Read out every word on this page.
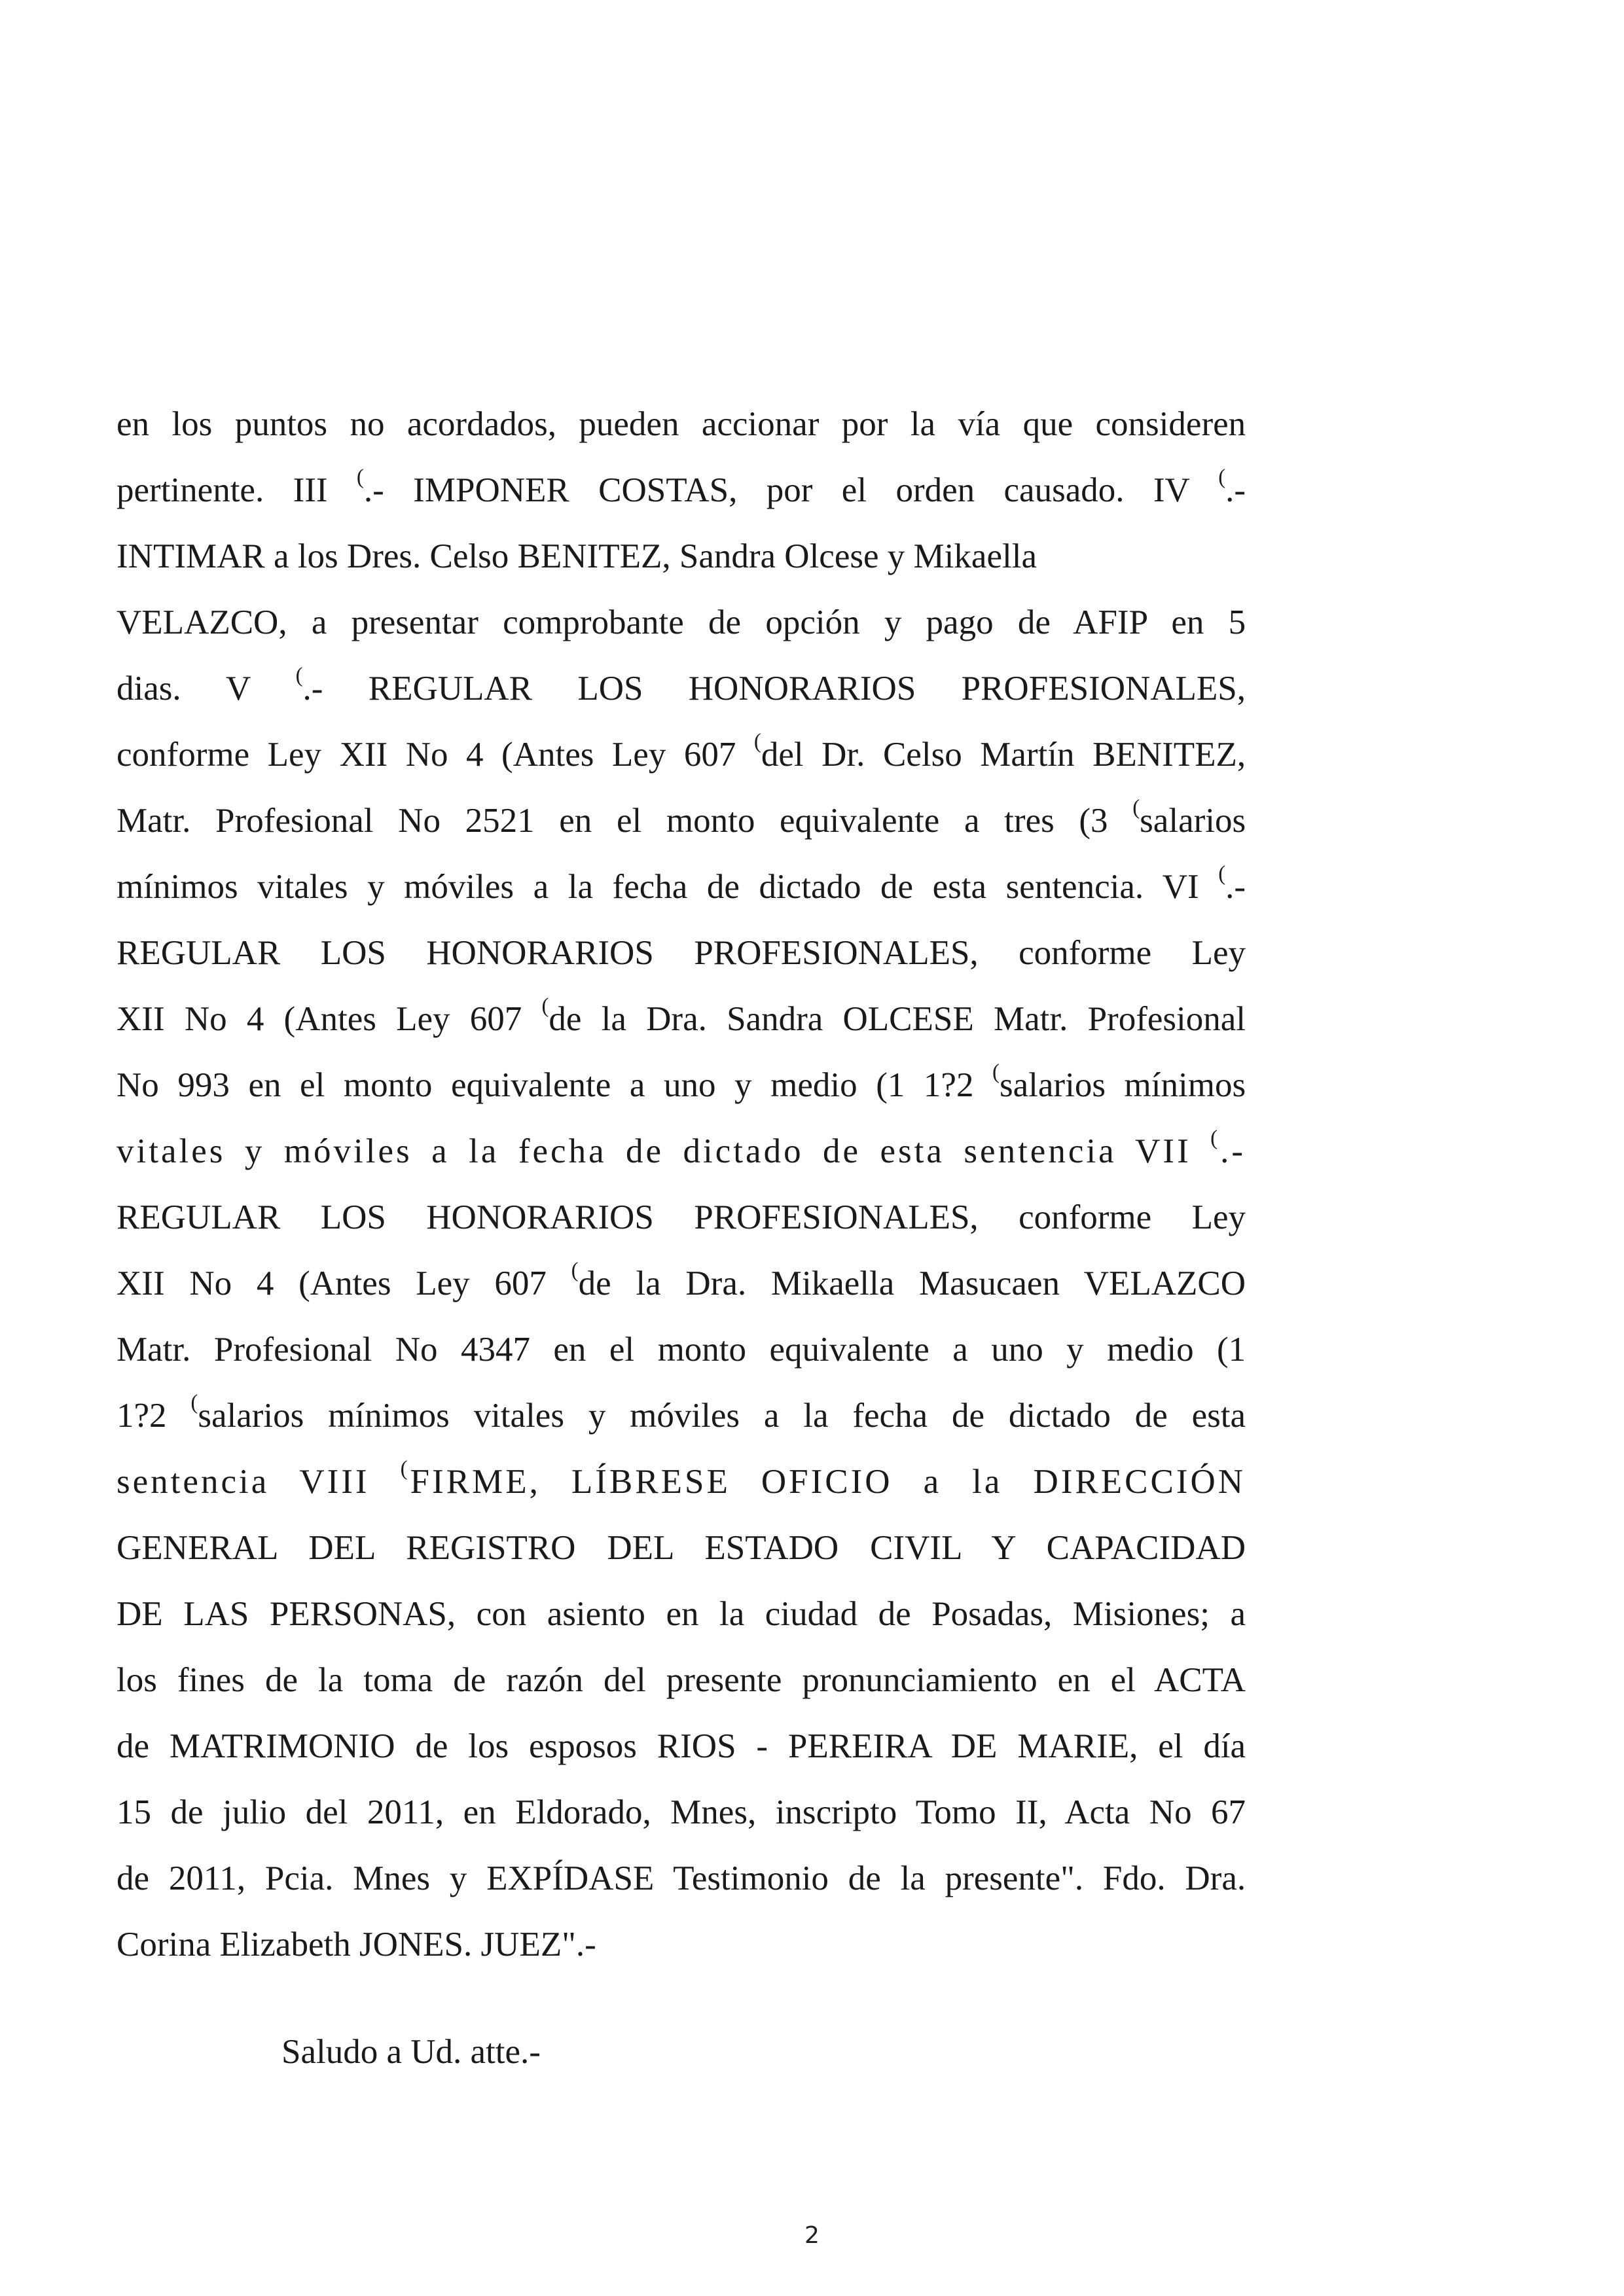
en los puntos no acordados, pueden accionar por la vía que consideren
pertinente. III (.- IMPONER COSTAS, por el orden causado. IV (.-
INTIMAR a los Dres. Celso BENITEZ, Sandra Olcese y Mikaella
VELAZCO, a presentar comprobante de opción y pago de AFIP en 5
dias. V (.- REGULAR LOS HONORARIOS PROFESIONALES,
conforme Ley XII No 4 (Antes Ley 607 (del Dr. Celso Martín BENITEZ,
Matr. Profesional No 2521 en el monto equivalente a tres (3 (salarios
mínimos vitales y móviles a la fecha de dictado de esta sentencia. VI (.-
REGULAR LOS HONORARIOS PROFESIONALES, conforme Ley
XII No 4 (Antes Ley 607 (de la Dra. Sandra OLCESE Matr. Profesional
No 993 en el monto equivalente a uno y medio (1 1?2 (salarios mínimos
vitales y móviles a la fecha de dictado de esta sentencia VII (.-
REGULAR LOS HONORARIOS PROFESIONALES, conforme Ley
XII No 4 (Antes Ley 607 (de la Dra. Mikaella Masucaen VELAZCO
Matr. Profesional No 4347 en el monto equivalente a uno y medio (1
1?2 (salarios mínimos vitales y móviles a la fecha de dictado de esta
sentencia VIII (FIRME, LÍBRESE OFICIO a la DIRECCIÓN
GENERAL DEL REGISTRO DEL ESTADO CIVIL Y CAPACIDAD
DE LAS PERSONAS, con asiento en la ciudad de Posadas, Misiones; a
los fines de la toma de razón del presente pronunciamiento en el ACTA
de MATRIMONIO de los esposos RIOS - PEREIRA DE MARIE, el día
15 de julio del 2011, en Eldorado, Mnes, inscripto Tomo II, Acta No 67
de 2011, Pcia. Mnes y EXPÍDASE Testimonio de la presente". Fdo. Dra.
Corina Elizabeth JONES. JUEZ".-

Saludo a Ud. atte.-

2
